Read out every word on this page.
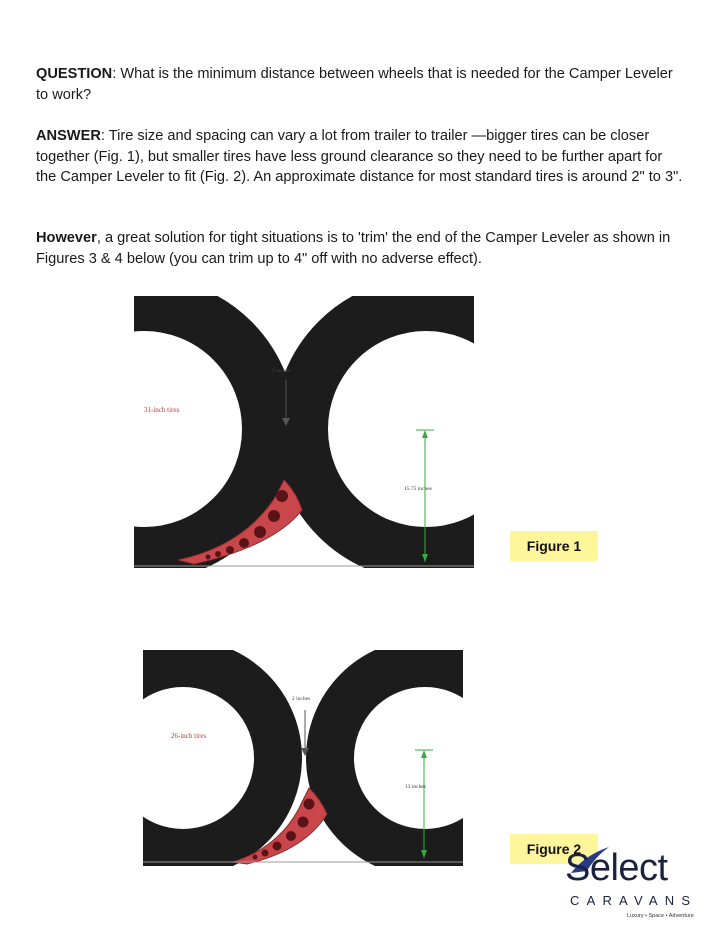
QUESTION: What is the minimum distance between wheels that is needed for the Camper Leveler to work?
ANSWER: Tire size and spacing can vary a lot from trailer to trailer —bigger tires can be closer together (Fig. 1), but smaller tires have less ground clearance so they need to be further apart for the Camper Leveler to fit (Fig. 2). An approximate distance for most standard tires is around 2" to 3".
However, a great solution for tight situations is to 'trim' the end of the Camper Leveler as shown in Figures 3 & 4 below (you can trim up to 4" off with no adverse effect).
31-inch tires
2 inches
15.75 inches
Figure 1
26-inch tires
2 inches
13 inches
Figure 2
Select
CARAVANS
Luxury • Space • Adventure
